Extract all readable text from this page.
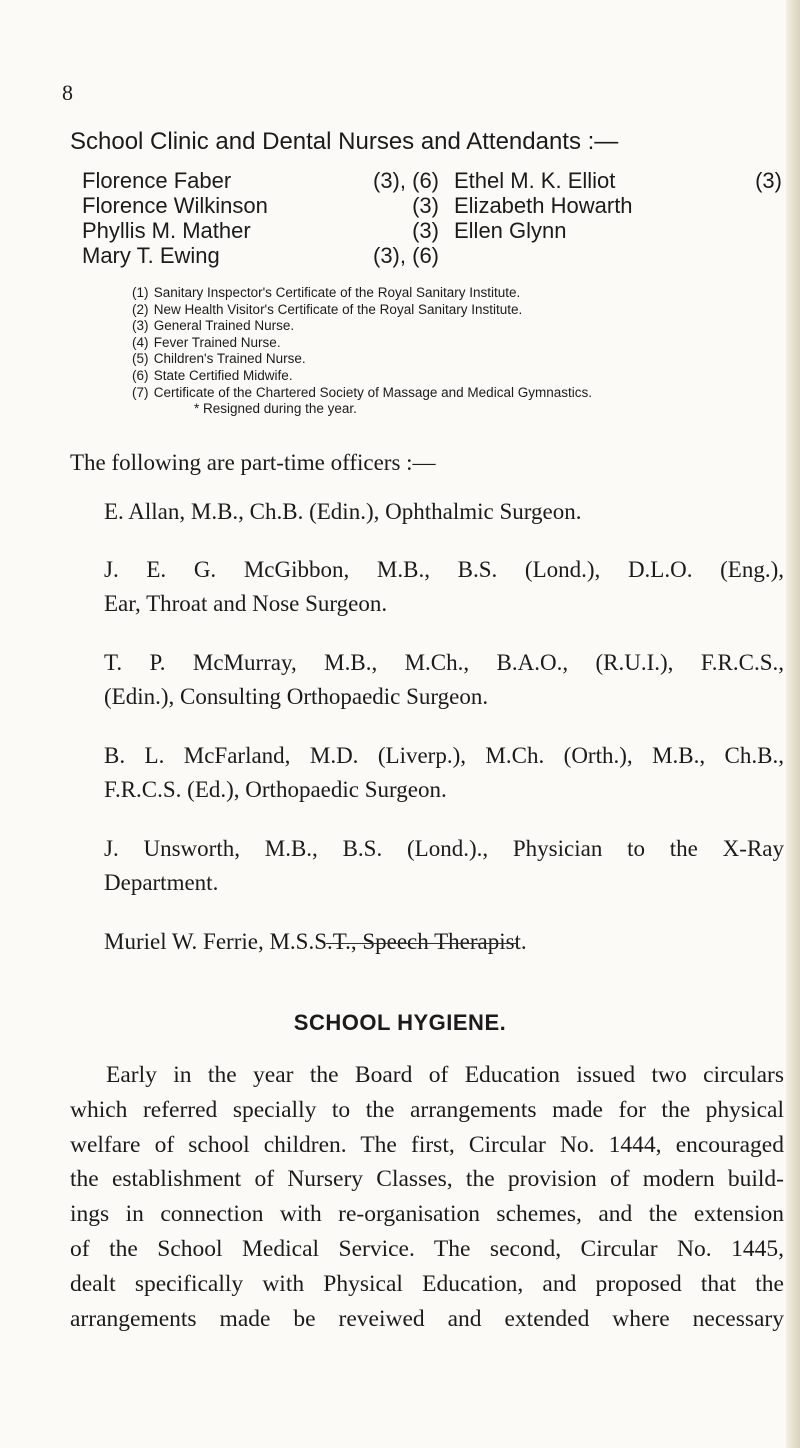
8
School Clinic and Dental Nurses and Attendants :—
Florence Faber	(3), (6) Ethel M. K. Elliot	(3)
Florence Wilkinson	(3) Elizabeth Howarth
Phyllis M. Mather	(3) Ellen Glynn
Mary T. Ewing	(3), (6)
(1) Sanitary Inspector's Certificate of the Royal Sanitary Institute.
(2) New Health Visitor's Certificate of the Royal Sanitary Institute.
(3) General Trained Nurse.
(4) Fever Trained Nurse.
(5) Children's Trained Nurse.
(6) State Certified Midwife.
(7) Certificate of the Chartered Society of Massage and Medical Gymnastics.
* Resigned during the year.
The following are part-time officers :—
E. Allan, M.B., Ch.B. (Edin.), Ophthalmic Surgeon.
J. E. G. McGibbon, M.B., B.S. (Lond.), D.L.O. (Eng.),
Ear, Throat and Nose Surgeon.
T. P. McMurray, M.B., M.Ch., B.A.O., (R.U.I.), F.R.C.S.,
(Edin.), Consulting Orthopaedic Surgeon.
B. L. McFarland, M.D. (Liverp.), M.Ch. (Orth.), M.B., Ch.B.,
F.R.C.S. (Ed.), Orthopaedic Surgeon.
J. Unsworth, M.B., B.S. (Lond.)., Physician to the X-Ray
Department.
Muriel W. Ferrie, M.S.S.T., Speech Therapist.
SCHOOL HYGIENE.
Early in the year the Board of Education issued two circulars
which referred specially to the arrangements made for the physical
welfare of school children. The first, Circular No. 1444, encouraged
the establishment of Nursery Classes, the provision of modern build-
ings in connection with re-organisation schemes, and the extension
of the School Medical Service. The second, Circular No. 1445,
dealt specifically with Physical Education, and proposed that the
arrangements made be reveiwed and extended where necessary
